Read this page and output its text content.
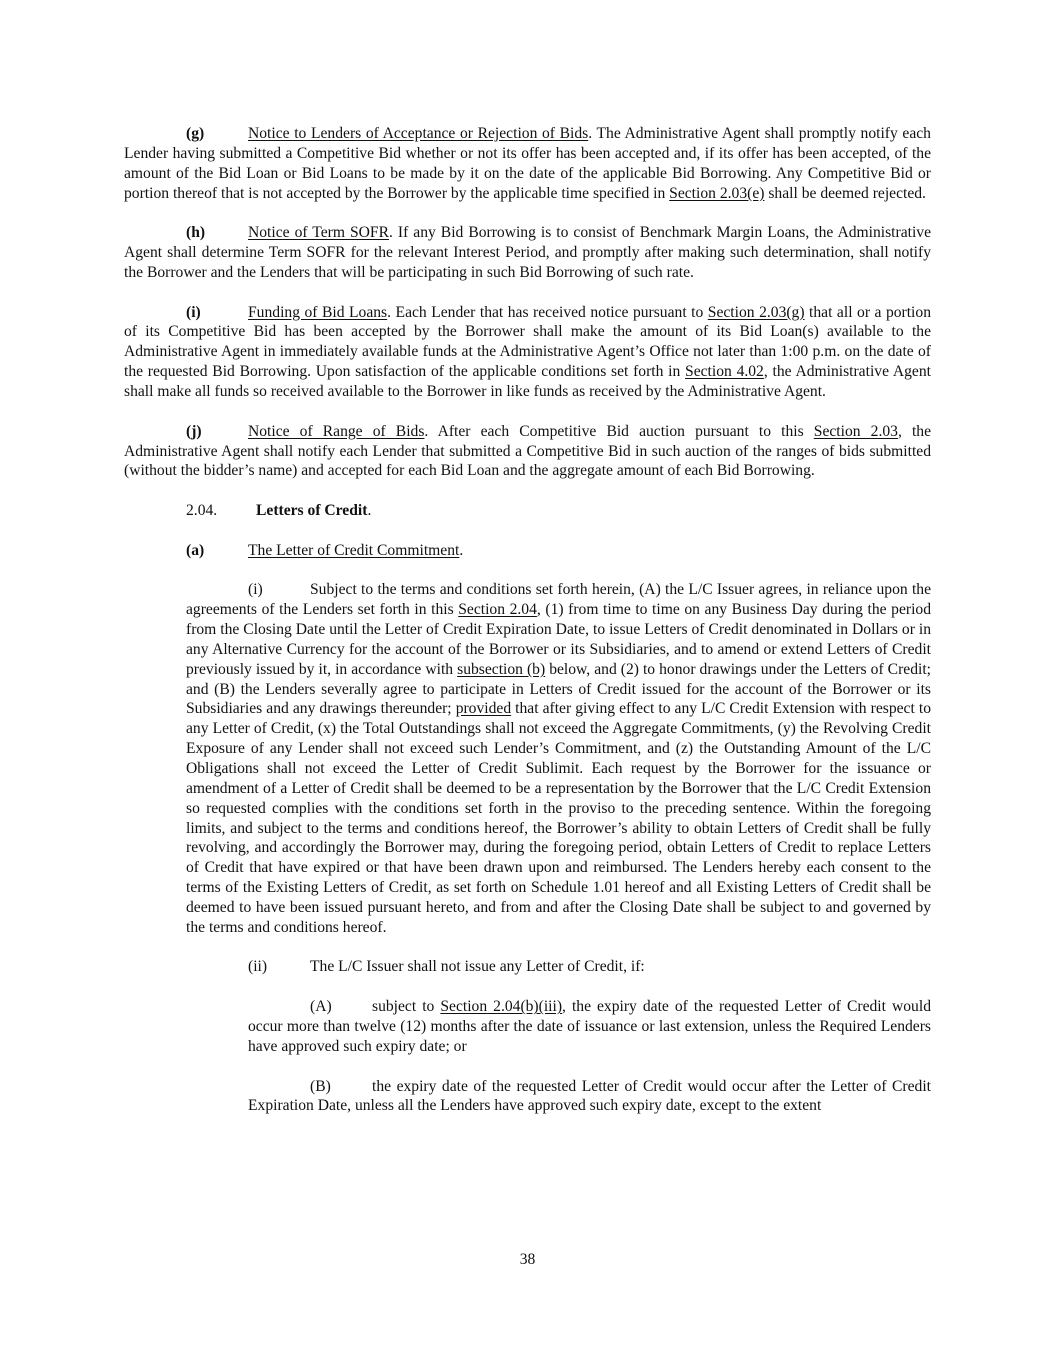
(g)	Notice to Lenders of Acceptance or Rejection of Bids. The Administrative Agent shall promptly notify each Lender having submitted a Competitive Bid whether or not its offer has been accepted and, if its offer has been accepted, of the amount of the Bid Loan or Bid Loans to be made by it on the date of the applicable Bid Borrowing. Any Competitive Bid or portion thereof that is not accepted by the Borrower by the applicable time specified in Section 2.03(e) shall be deemed rejected.

(h)	Notice of Term SOFR. If any Bid Borrowing is to consist of Benchmark Margin Loans, the Administrative Agent shall determine Term SOFR for the relevant Interest Period, and promptly after making such determination, shall notify the Borrower and the Lenders that will be participating in such Bid Borrowing of such rate.

(i)	Funding of Bid Loans. Each Lender that has received notice pursuant to Section 2.03(g) that all or a portion of its Competitive Bid has been accepted by the Borrower shall make the amount of its Bid Loan(s) available to the Administrative Agent in immediately available funds at the Administrative Agent’s Office not later than 1:00 p.m. on the date of the requested Bid Borrowing. Upon satisfaction of the applicable conditions set forth in Section 4.02, the Administrative Agent shall make all funds so received available to the Borrower in like funds as received by the Administrative Agent.

(j)	Notice of Range of Bids. After each Competitive Bid auction pursuant to this Section 2.03, the Administrative Agent shall notify each Lender that submitted a Competitive Bid in such auction of the ranges of bids submitted (without the bidder’s name) and accepted for each Bid Loan and the aggregate amount of each Bid Borrowing.

2.04. Letters of Credit.

(a)	The Letter of Credit Commitment.

(i)	Subject to the terms and conditions set forth herein, (A) the L/C Issuer agrees, in reliance upon the agreements of the Lenders set forth in this Section 2.04, (1) from time to time on any Business Day during the period from the Closing Date until the Letter of Credit Expiration Date, to issue Letters of Credit denominated in Dollars or in any Alternative Currency for the account of the Borrower or its Subsidiaries, and to amend or extend Letters of Credit previously issued by it, in accordance with subsection (b) below, and (2) to honor drawings under the Letters of Credit; and (B) the Lenders severally agree to participate in Letters of Credit issued for the account of the Borrower or its Subsidiaries and any drawings thereunder; provided that after giving effect to any L/C Credit Extension with respect to any Letter of Credit, (x) the Total Outstandings shall not exceed the Aggregate Commitments, (y) the Revolving Credit Exposure of any Lender shall not exceed such Lender’s Commitment, and (z) the Outstanding Amount of the L/C Obligations shall not exceed the Letter of Credit Sublimit. Each request by the Borrower for the issuance or amendment of a Letter of Credit shall be deemed to be a representation by the Borrower that the L/C Credit Extension so requested complies with the conditions set forth in the proviso to the preceding sentence. Within the foregoing limits, and subject to the terms and conditions hereof, the Borrower’s ability to obtain Letters of Credit shall be fully revolving, and accordingly the Borrower may, during the foregoing period, obtain Letters of Credit to replace Letters of Credit that have expired or that have been drawn upon and reimbursed. The Lenders hereby each consent to the terms of the Existing Letters of Credit, as set forth on Schedule 1.01 hereof and all Existing Letters of Credit shall be deemed to have been issued pursuant hereto, and from and after the Closing Date shall be subject to and governed by the terms and conditions hereof.

(ii)	The L/C Issuer shall not issue any Letter of Credit, if:

(A)	subject to Section 2.04(b)(iii), the expiry date of the requested Letter of Credit would occur more than twelve (12) months after the date of issuance or last extension, unless the Required Lenders have approved such expiry date; or

(B)	the expiry date of the requested Letter of Credit would occur after the Letter of Credit Expiration Date, unless all the Lenders have approved such expiry date, except to the extent

38
